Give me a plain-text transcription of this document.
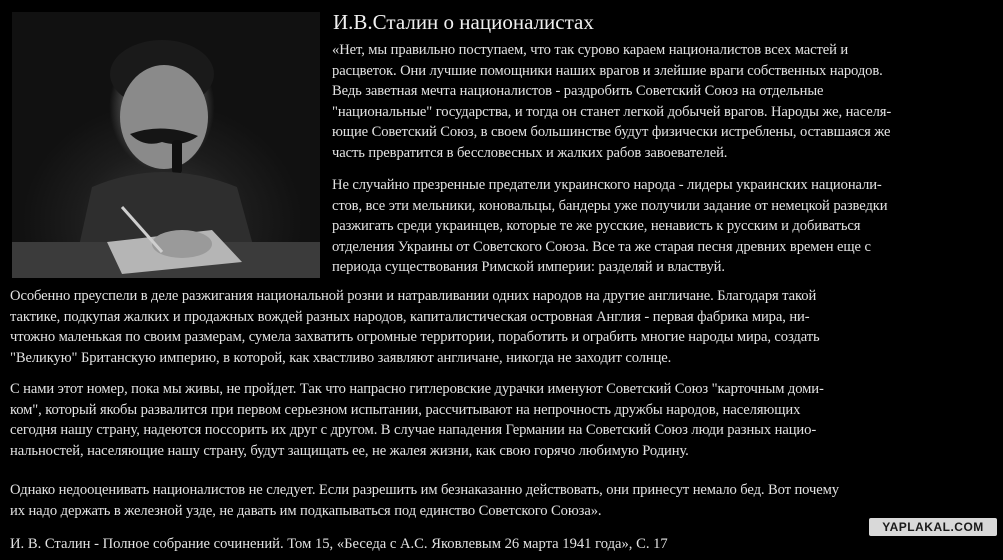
И.В.Сталин о националистах
«Нет, мы правильно поступаем, что так сурово караем националистов всех мастей и
расцветок. Они лучшие помощники наших врагов и злейшие враги собственных народов.
Ведь заветная мечта националистов - раздробить Советский Союз на отдельные
"национальные" государства, и тогда он станет легкой добычей врагов. Народы же, населя-
ющие Советский Союз, в своем большинстве будут физически истреблены, оставшаяся же
часть превратится в бессловесных и жалких рабов завоевателей.
Не случайно презренные предатели украинского народа - лидеры украинских национали-
стов, все эти мельники, коновальцы, бандеры уже получили задание от немецкой разведки
разжигать среди украинцев, которые те же русские, ненависть к русским и добиваться
отделения Украины от Советского Союза. Все та же старая песня древних времен еще с
периода существования Римской империи: разделяй и властвуй.
Особенно преуспели в деле разжигания национальной розни и натравливании одних народов на другие англичане. Благодаря такой
тактике, подкупая жалких и продажных вождей разных народов, капиталистическая островная Англия - первая фабрика мира, ни-
чтожно маленькая по своим размерам, сумела захватить огромные территории, поработить и ограбить многие народы мира, создать
"Великую" Британскую империю, в которой, как хвастливо заявляют англичане, никогда не заходит солнце.
С нами этот номер, пока мы живы, не пройдет. Так что напрасно гитлеровские дурачки именуют Советский Союз "карточным доми-
ком", который якобы развалится при первом серьезном испытании, рассчитывают на непрочность дружбы народов, населяющих
сегодня нашу страну, надеются поссорить их друг с другом. В случае нападения Германии на Советский Союз люди разных нацио-
нальностей, населяющие нашу страну, будут защищать ее, не жалея жизни, как свою горячо любимую Родину.
Однако недооценивать националистов не следует. Если разрешить им безнаказанно действовать, они принесут немало бед. Вот почему
их надо держать в железной узде, не давать им подкапываться под единство Советского Союза».
YAPLAKAL.COM
И. В. Сталин - Полное собрание сочинений. Том 15, «Беседа с А.С. Яковлевым 26 марта 1941 года», С. 17
